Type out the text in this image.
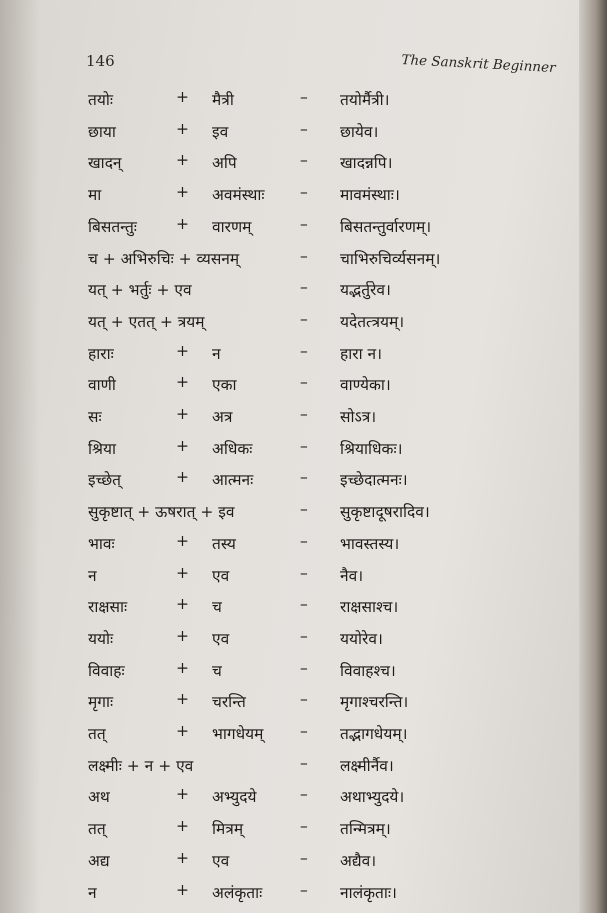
146	The Sanskrit Beginner
तयोः	+ मैत्री	– तयोर्मैत्री।
छाया	+ इव	– छायेव।
खादन्	+ अपि	– खादन्नपि।
मा	+ अवमंस्थाः – मावमंस्थाः।
बिसतन्तुः	+ वारणम्	– बिसतन्तुर्वारणम्।
च + अभिरुचिः + व्यसनम्	– चाभिरुचिर्व्यसनम्।
यत् + भर्तुः + एव	– यद्भर्तुरेव।
यत् + एतत् + त्रयम्	– यदेतत्त्रयम्।
हाराः	+ न	– हारा न।
वाणी	+ एका	– वाण्येका।
सः	+ अत्र	– सोऽत्र।
श्रिया	+ अधिकः	– श्रियाधिकः।
इच्छेत्	+ आत्मनः	– इच्छेदात्मनः।
सुकृष्टात् + ऊषरात् + इव	– सुकृष्टादूषरादिव।
भावः	+ तस्य	– भावस्तस्य।
न	+ एव	– नैव।
राक्षसाः	+ च	– राक्षसाश्च।
ययोः	+ एव	– ययोरेव।
विवाहः	+ च	– विवाहश्च।
मृगाः	+ चरन्ति	– मृगाश्चरन्ति।
तत्	+ भागधेयम् – तद्भागधेयम्।
लक्ष्मीः + न + एव	– लक्ष्मीर्नैव।
अथ	+ अभ्युदये	– अथाभ्युदये।
तत्	+ मित्रम्	– तन्मित्रम्।
अद्य	+ एव	– अद्यैव।
न	+ अलंकृताः – नालंकृताः।
